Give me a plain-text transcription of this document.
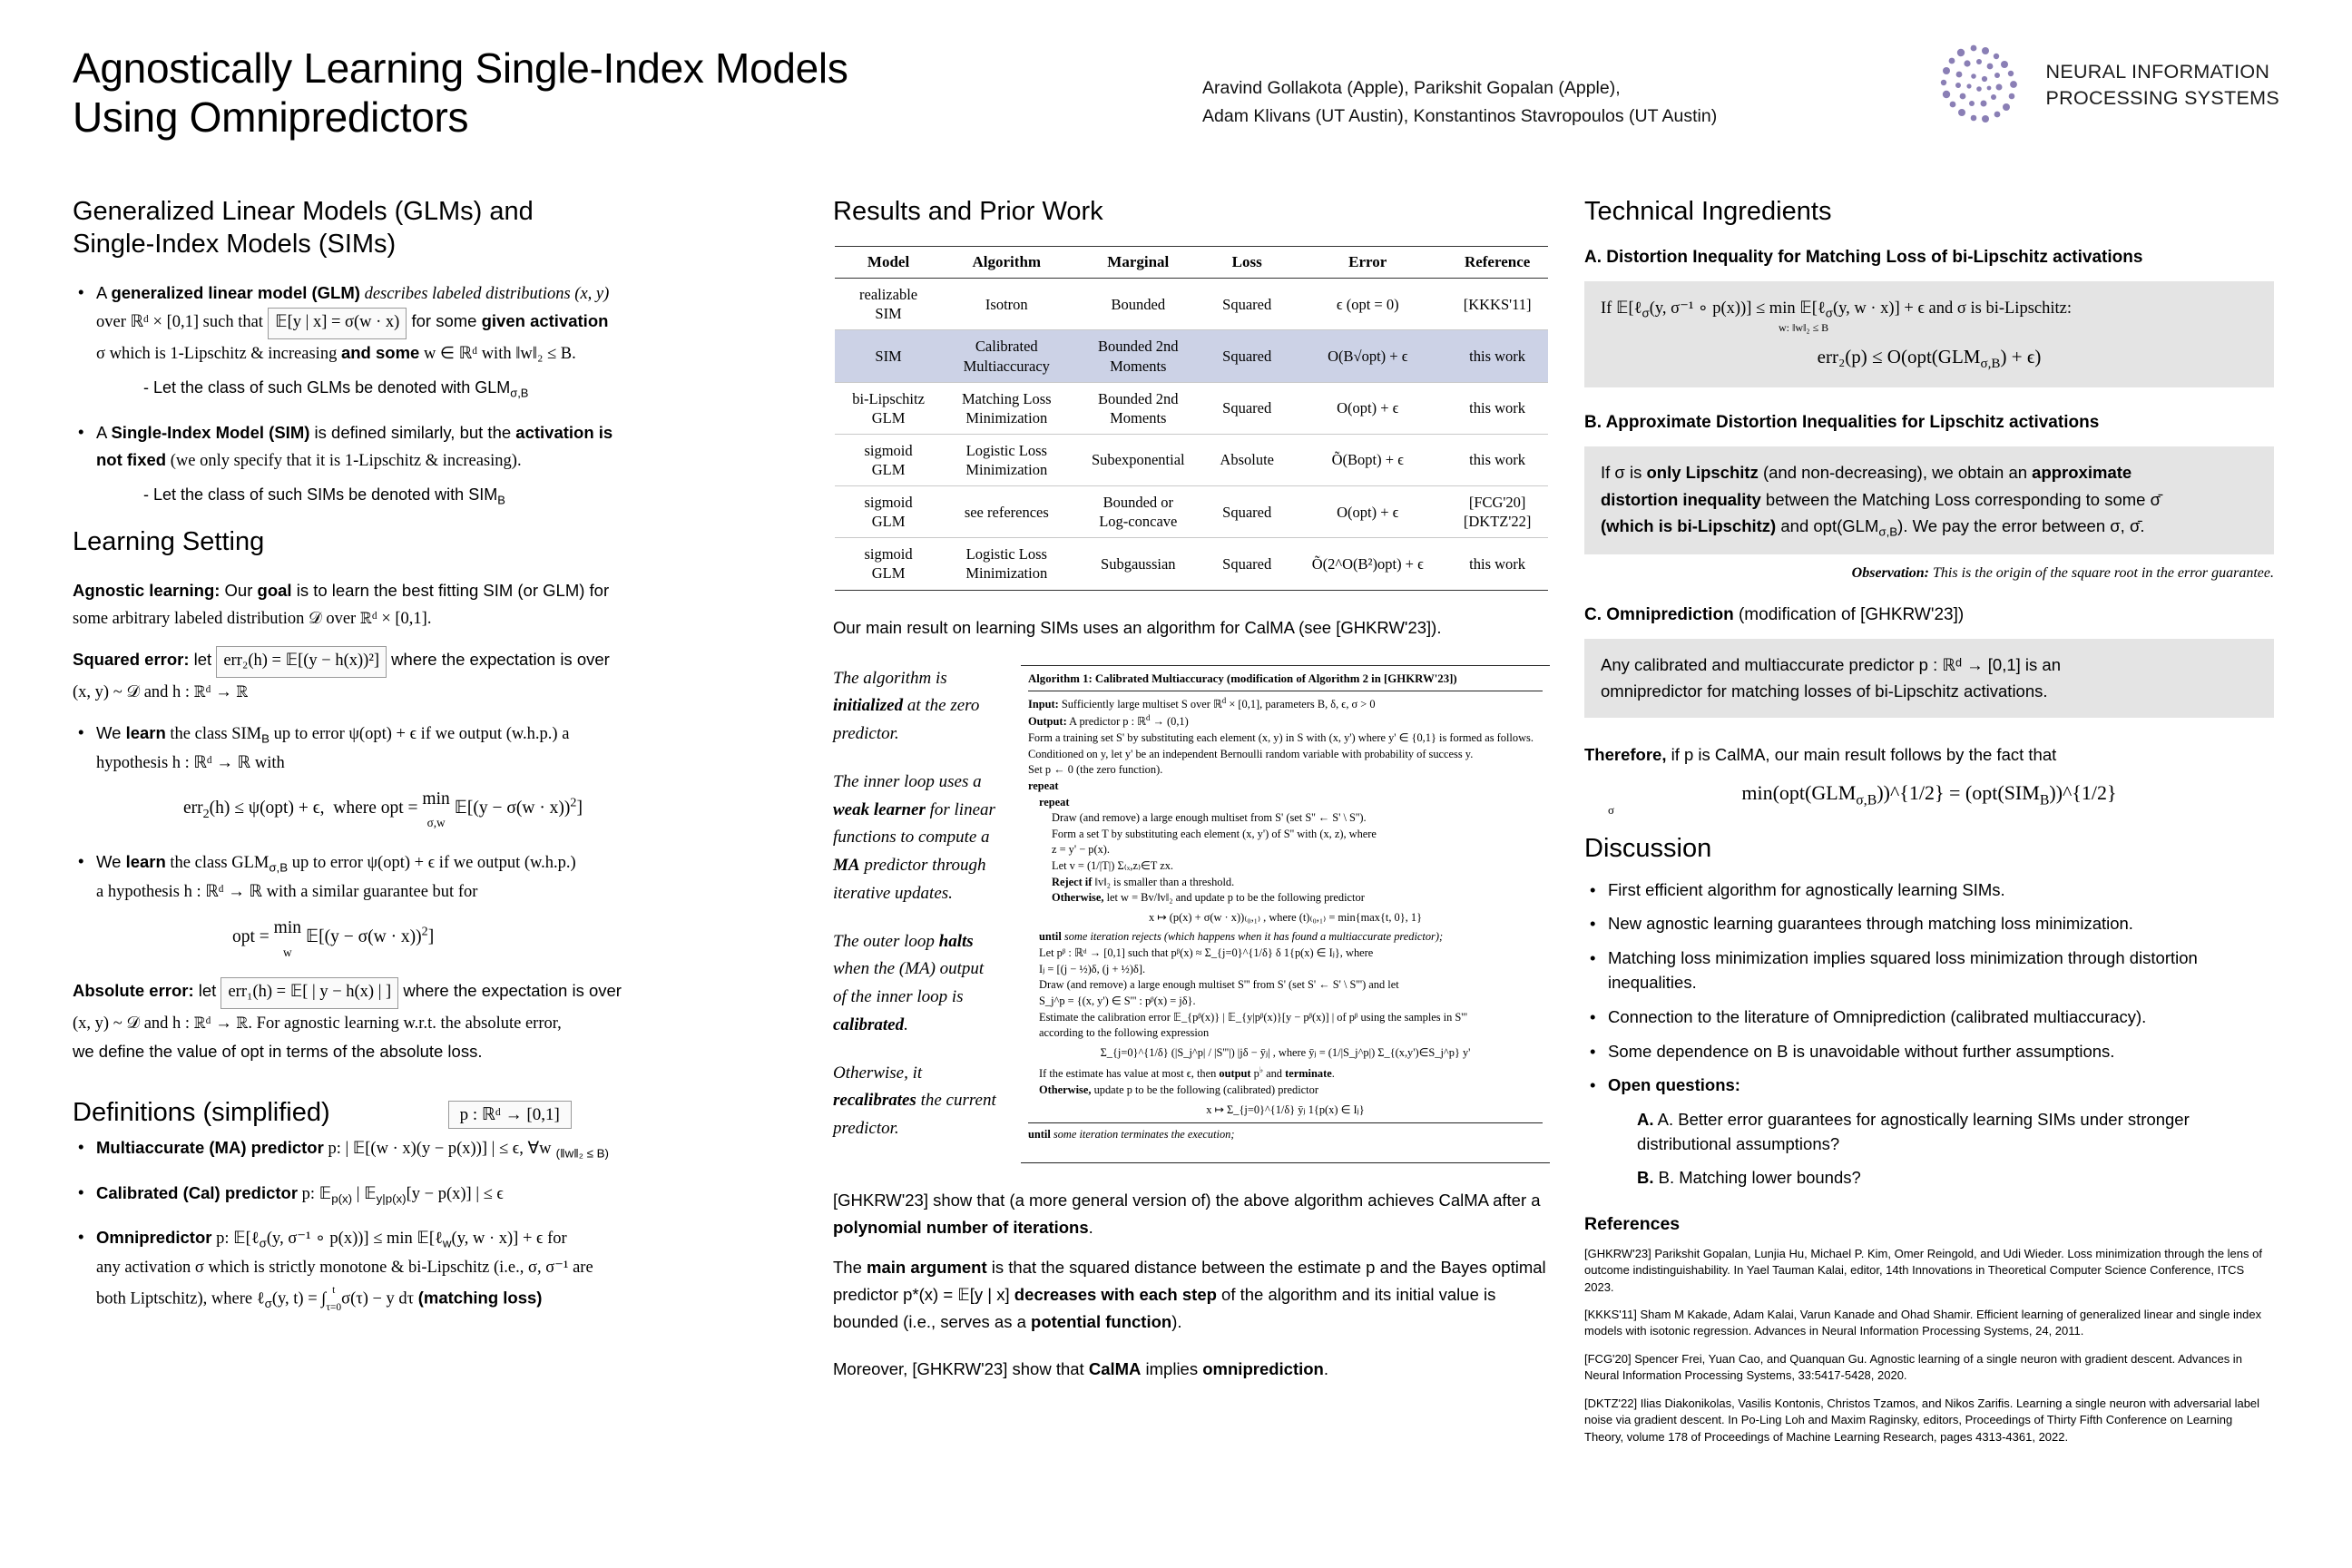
Agnostically Learning Single-Index Models
Using Omnipredictors
Aravind Gollakota (Apple), Parikshit Gopalan (Apple),
Adam Klivans (UT Austin), Konstantinos Stavropoulos (UT Austin)
NEURAL INFORMATION
PROCESSING SYSTEMS
Generalized Linear Models (GLMs) and
Single-Index Models (SIMs)
• A generalized linear model (GLM) describes labeled distributions (x, y)
over ℝᵈ × [0,1] such that 𝔼[y | x] = σ(w · x) for some given activation
σ which is 1-Lipschitz & increasing and some w ∈ ℝᵈ with ‖w‖₂ ≤ B.
- Let the class of such GLMs be denoted with $GLM_{\sigma,B}$
• A Single-Index Model (SIM) is defined similarly, but the activation is
not fixed (we only specify that it is 1-Lipschitz & increasing).
- Let the class of such SIMs be denoted with $SIM_B$
Learning Setting

Agnostic learning: Our goal is to learn the best fitting SIM (or GLM) for
some arbitrary labeled distribution 𝒟 over ℝᵈ × [0,1].

Squared error: let err₂(h) = 𝔼[(y − h(x))²] where the expectation is over
(x, y) ~ 𝒟 and h : ℝᵈ → ℝ

• We learn the class $SIM_B$ up to error ψ(opt) + ϵ if we output (w.h.p.) a
hypothesis h : ℝᵈ → ℝ with
err$_2$(h) ≤ ψ(opt) + ϵ,  where opt = min
σ,w
𝔼[(y − σ(w · x))$^2$]
• We learn the class $GLM_{\sigma,B}$ up to error ψ(opt) + ϵ if we output (w.h.p.)
a hypothesis h : ℝᵈ → ℝ with a similar guarantee but for
opt = min
w
𝔼[(y − σ(w · x))$^2$]

Absolute error: let err₁(h) = 𝔼[ | y − h(x) | ] where the expectation is over
(x, y) ~ 𝒟 and h : ℝᵈ → ℝ. For agnostic learning w.r.t. the absolute error,
we define the value of opt in terms of the absolute loss.

Definitions (simplified)	p : ℝᵈ → [0,1]
• Multiaccurate (MA) predictor p: | 𝔼[(w · x)(y − p(x))] | ≤ ϵ, ∀w $_{(‖w‖_2 \le B)}$
• Calibrated (Cal) predictor p: 𝔼$_{p(x)}$ | 𝔼$_{y|p(x)}$[y − p(x)] | ≤ ϵ
• Omnipredictor p: 𝔼[ℓ$_\sigma$(y, σ⁻¹ ∘ p(x))] ≤ min 𝔼[ℓ$_w$(y, w · x)] + ϵ for
any activation σ which is strictly monotone & bi-Lipschitz (i.e., σ, σ⁻¹ are
both Liptschitz), where ℓ$_\sigma$(y, t) = ∫ t
τ=0 σ(τ) − y dτ (matching loss)
Results and Prior Work
Model	Algorithm	Marginal	Loss	Error	Reference
realizable
SIM	Isotron	Bounded	Squared	ϵ (opt = 0)	[KKKS'11]
SIM	Calibrated
Multiaccuracy	Bounded 2nd
Moments	Squared	O(B√opt) + ϵ	this work
bi-Lipschitz
GLM	Matching Loss
Minimization	Bounded 2nd
Moments	Squared	O(opt) + ϵ	this work
sigmoid
GLM	Logistic Loss
Minimization	Subexponential	Absolute	Õ(Bopt) + ϵ	this work
sigmoid
GLM	see references	Bounded or
Log-concave	Squared	O(opt) + ϵ	[FCG'20]
[DKTZ'22]
sigmoid
GLM	Logistic Loss
Minimization	Subgaussian	Squared	Õ(2^O(B²)opt) + ϵ	this work

Our main result on learning SIMs uses an algorithm for CalMA (see [GHKRW'23]).

The algorithm is initialized at the zero predictor.

The inner loop uses a weak learner for linear functions to compute a MA predictor through iterative updates.

The outer loop halts when the (MA) output of the inner loop is calibrated.

Otherwise, it recalibrates the current predictor.

Algorithm 1: Calibrated Multiaccuracy (modification of Algorithm 2 in [GHKRW'23])
Input: Sufficiently large multiset S over ℝ$^d$ × [0,1], parameters B, δ, ϵ, σ > 0
Output: A predictor p : ℝ$^d$ → (0,1)
Form a training set S' by substituting each element (x, y) in S with (x, y') where y' ∈ {0,1} is formed as follows. Conditioned on y, let y' be an independent Bernoulli random variable with probability of success y.
Set p ← 0 (the zero function).
repeat
repeat
Draw (and remove) a large enough multiset from S' (set S'' ← S' \ S'').
Form a set T by substituting each element (x, y') of S'' with (x, z), where
z = y' − p(x).
Let v = (1/|T|) Σ₍ₓ,z₎∈T zx.
Reject if ‖v‖₂ is smaller than a threshold.
Otherwise, let w = Bv/‖v‖₂ and update p to be the following predictor
x ↦ (p(x) + σ(w · x))₍₀,₁₎ , where (t)₍₀,₁₎ = min{max{t, 0}, 1}
until some iteration rejects (which happens when it has found a multiaccurate predictor);
Let pᵝ : ℝᵈ → [0,1] such that pᵝ(x) ≈ Σ_{j=0}^{1/δ} δ 1{p(x) ∈ Iⱼ}, where
Iⱼ = [(j − ½)δ, (j + ½)δ].
Draw (and remove) a large enough multiset S''' from S' (set S' ← S' \ S''') and let
S_j^p = {(x, y') ∈ S''' : pᵝ(x) = jδ}.
Estimate the calibration error 𝔼_{pᵝ(x)} | 𝔼_{y|pᵝ(x)}[y − pᵝ(x)] | of pᵝ using the samples in S'''
according to the following expression
Σ_{j=0}^{1/δ} (|S_j^p| / |S'''|) |jδ − ȳⱼ| , where ȳⱼ = (1/|S_j^p|) Σ_{(x,y')∈S_j^p} y'
If the estimate has value at most ϵ, then output p♭ and terminate.
Otherwise, update p to be the following (calibrated) predictor
x ↦ Σ_{j=0}^{1/δ} ȳⱼ 1{p(x) ∈ Iⱼ}
until some iteration terminates the execution;

[GHKRW'23] show that (a more general version of) the above algorithm achieves CalMA after a polynomial number of iterations.

The main argument is that the squared distance between the estimate p and the Bayes optimal predictor p*(x) = 𝔼[y | x] decreases with each step of the algorithm and its initial value is bounded (i.e., serves as a potential function).

Moreover, [GHKRW'23] show that CalMA implies omniprediction.

Technical Ingredients
A. Distortion Inequality for Matching Loss of bi-Lipschitz activations
If 𝔼[ℓ$_\sigma$(y, σ⁻¹ ∘ p(x))] ≤ min 𝔼[ℓ$_\sigma$(y, w · x)] + ϵ and σ is bi-Lipschitz:
w: ‖w‖₂ ≤ B
$err_2(p) \le O(opt(GLM_{\sigma,B}) + \epsilon)$
B. Approximate Distortion Inequalities for Lipschitz activations
If σ is only Lipschitz (and non-decreasing), we obtain an approximate
distortion inequality between the Matching Loss corresponding to some σ̄
(which is bi-Lipschitz) and $opt(GLM_{\sigma,B})$. We pay the error between σ, σ̄.
Observation: This is the origin of the square root in the error guarantee.
C. Omniprediction (modification of [GHKRW'23])
Any calibrated and multiaccurate predictor p : ℝᵈ → [0,1] is an
omnipredictor for matching losses of bi-Lipschitz activations.

Therefore, if p is CalMA, our main result follows by the fact that

$\min(opt(GLM_{\sigma,B}))\^{}\{1/2\}$ = $(opt(SIM_B))\^{}\{1/2\}$
σ
Discussion
• First efficient algorithm for agnostically learning SIMs.
• New agnostic learning guarantees through matching loss minimization.
• Matching loss minimization implies squared loss minimization through distortion inequalities.
• Connection to the literature of Omniprediction (calibrated multiaccuracy).
• Some dependence on B is unavoidable without further assumptions.
• Open questions:
A. A. Better error guarantees for agnostically learning SIMs under stronger distributional assumptions?
B. B. Matching lower bounds?
References
[GHKRW'23] Parikshit Gopalan, Lunjia Hu, Michael P. Kim, Omer Reingold, and Udi Wieder. Loss minimization through the lens of outcome indistinguishability. In Yael Tauman Kalai, editor, 14th Innovations in Theoretical Computer Science Conference, ITCS 2023.
[KKKS'11] Sham M Kakade, Adam Kalai, Varun Kanade and Ohad Shamir. Efficient learning of generalized linear and single index models with isotonic regression. Advances in Neural Information Processing Systems, 24, 2011.
[FCG'20] Spencer Frei, Yuan Cao, and Quanquan Gu. Agnostic learning of a single neuron with gradient descent. Advances in Neural Information Processing Systems, 33:5417-5428, 2020.
[DKTZ'22] Ilias Diakonikolas, Vasilis Kontonis, Christos Tzamos, and Nikos Zarifis. Learning a single neuron with adversarial label noise via gradient descent. In Po-Ling Loh and Maxim Raginsky, editors, Proceedings of Thirty Fifth Conference on Learning Theory, volume 178 of Proceedings of Machine Learning Research, pages 4313-4361, 2022.
